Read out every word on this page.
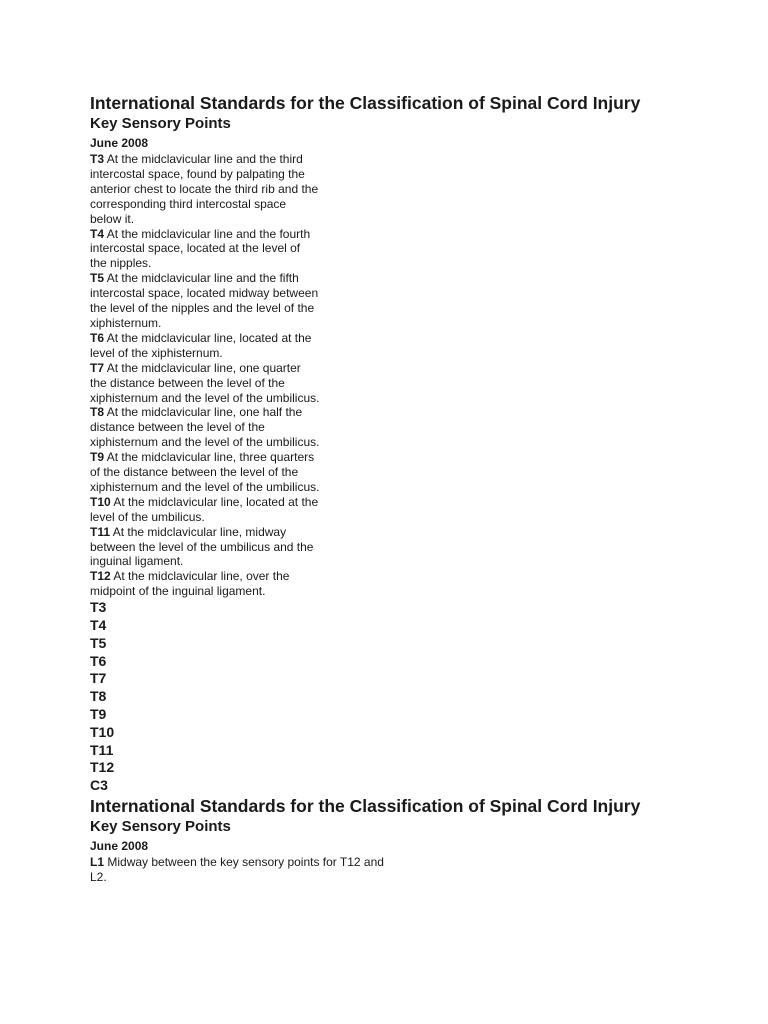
International Standards for the Classification of Spinal Cord Injury
Key Sensory Points
June 2008

T3 At the midclavicular line and the third intercostal space, found by palpating the anterior chest to locate the third rib and the corresponding third intercostal space below it.

T4 At the midclavicular line and the fourth intercostal space, located at the level of the nipples.

T5 At the midclavicular line and the fifth intercostal space, located midway between the level of the nipples and the level of the xiphisternum.

T6 At the midclavicular line, located at the level of the xiphisternum.

T7 At the midclavicular line, one quarter the distance between the level of the xiphisternum and the level of the umbilicus.

T8 At the midclavicular line, one half the distance between the level of the xiphisternum and the level of the umbilicus.

T9 At the midclavicular line, three quarters of the distance between the level of the xiphisternum and the level of the umbilicus.

T10 At the midclavicular line, located at the level of the umbilicus.

T11 At the midclavicular line, midway between the level of the umbilicus and the inguinal ligament.

T12 At the midclavicular line, over the midpoint of the inguinal ligament.

T3
T4
T5
T6
T7
T8
T9
T10
T11
T12
C3
International Standards for the Classification of Spinal Cord Injury
Key Sensory Points
June 2008

L1 Midway between the key sensory points for T12 and L2.
